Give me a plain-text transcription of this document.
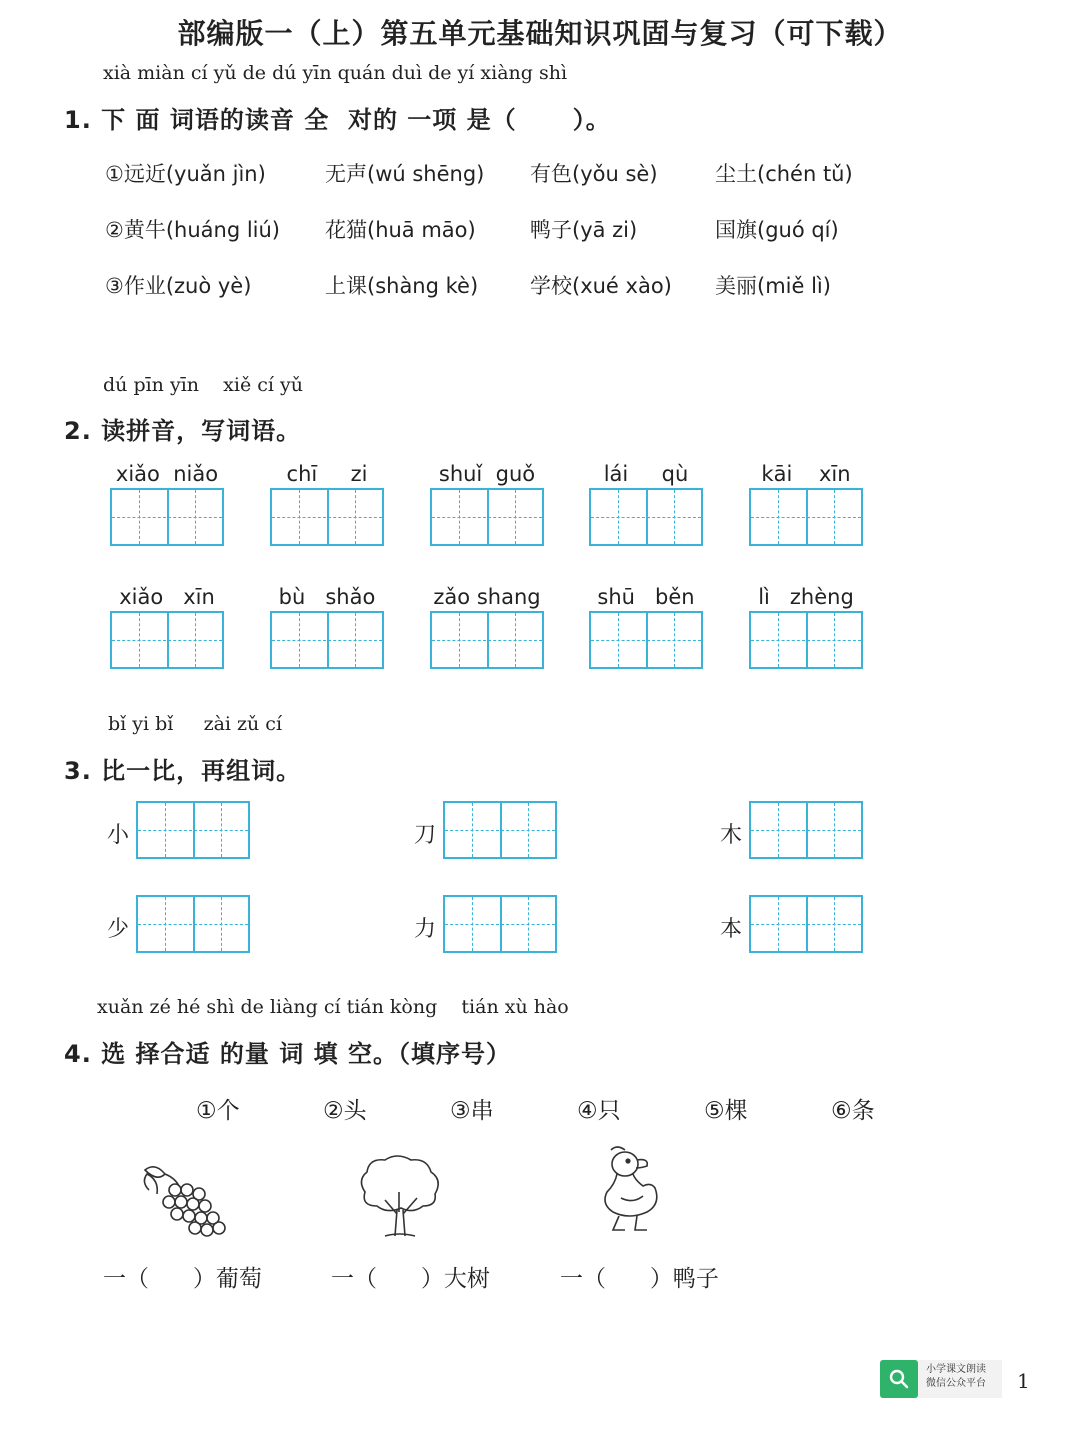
部编版一（上）第五单元基础知识巩固与复习（可下载）
xià miàn cí yǔ de dú yīn quán duì de yí xiàng shì
1. 下 面 词语的读音 全  对的 一项 是（      ）。
①远近(yuǎn jìn)	无声(wú shēng) 有色(yǒu sè)	尘土(chén tǔ)
②黄牛(huáng liú) 花猫(huā māo)	鸭子(yā zi)	国旗(guó qí)
③作业(zuò yè)	上课(shàng kè) 学校(xué xào) 美丽(miě lì)
dú pīn yīn    xiě cí yǔ
2. 读拼音，写词语。
xiǎo  niǎo	chī     zi	shuǐ  guǒ	lái     qù	kāi    xīn
xiǎo   xīn	bù   shǎo	zǎo shang	shū   běn	lì   zhèng
bǐ yi bǐ     zài zǔ cí
3. 比一比，再组词。
小	刀	木
少	力	本
xuǎn zé hé shì de liàng cí tián kòng    tián xù hào
4. 选 择合适 的量 词 填 空。（填序号）
①个	②头	③串	④只	⑤棵	⑥条
一（      ）葡萄	一（      ）大树	一（      ）鸭子
小学课文朗读
微信公众平台 1
